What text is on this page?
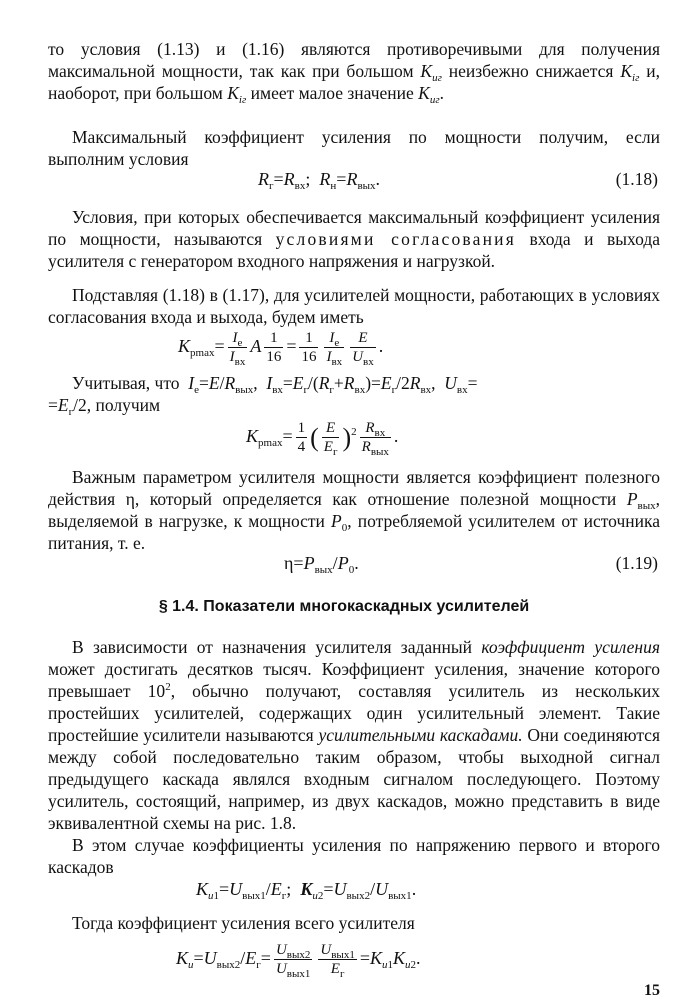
то условия (1.13) и (1.16) являются противоречивыми для получения максимальной мощности, так как при большом $K_{uг}$ неизбежно снижается $K_{iг}$ и, наоборот, при большом $K_{iг}$ имеет малое значение $K_{uг}$.
Максимальный коэффициент усиления по мощности получим, если выполним условия
$R_г=R_{вх}$;  $R_н=R_{вых}$.	(1.18)
Условия, при которых обеспечивается максимальный коэффициент усиления по мощности, называются условиями согласования входа и выхода усилителя с генератором входного напряжения и нагрузкой.
Подставляя (1.18) в (1.17), для усилителей мощности, работающих в условиях согласования входа и выхода, будем иметь
$K_{pmax}= \frac{I_e}{I_{вх}}$ A $\frac{1}{16} = \frac{1}{16} \frac{I_e}{I_{вх}} \frac{E}{U_{вх}}$ .
Учитывая, что  $I_e=E/R_{вых}$,  $I_{вх}=E_г/(R_г+R_{вх})=E_г/2R_{вх}$,  $U_{вх}=$
$=E_г/2$, получим
$K_{pmax}= \frac{1}{4}$ ( $\frac{E}{E_г} )^2 \frac{R_{вх}}{R_{вых}}$ .
Важным параметром усилителя мощности является коэффициент полезного действия η, который определяется как отношение полезной мощности $P_{вых}$, выделяемой в нагрузке, к мощности $P_0$, потребляемой усилителем от источника питания, т. е.
$\eta=P_{вых}/P_0$.	(1.19)
§ 1.4. Показатели многокаскадных усилителей
В зависимости от назначения усилителя заданный коэффициент усиления может достигать десятков тысяч. Коэффициент усиления, значение которого превышает $10^2$, обычно получают, составляя усилитель из нескольких простейших усилителей, содержащих один усилительный элемент. Такие простейшие усилители называются усилительными каскадами. Они соединяются между собой последовательно таким образом, чтобы выходной сигнал предыдущего каскада являлся входным сигналом последующего. Поэтому усилитель, состоящий, например, из двух каскадов, можно представить в виде эквивалентной схемы на рис. 1.8.
В этом случае коэффициенты усиления по напряжению первого и второго каскадов
$K_{u1}=U_{вых1}/E_г$;  $K_{u2}=U_{вых2}/U_{вых1}$.
Тогда коэффициент усиления всего усилителя
$K_u=U_{вых2}/E_г= \frac{U_{вых2}}{U_{вых1}} \frac{U_{вых1}}{E_г} =K_{u1}K_{u2}$.
15
